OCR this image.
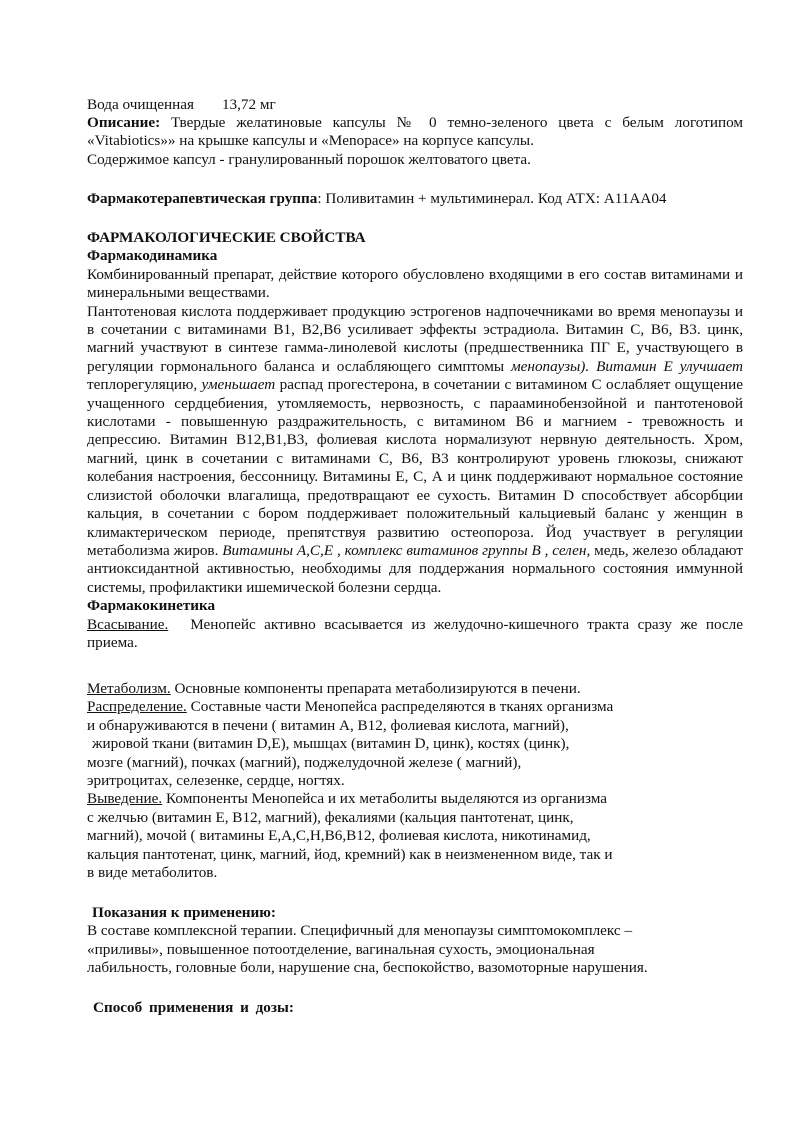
Вода очищенная 13,72 мг

Описание: Твердые желатиновые капсулы № 0 темно-зеленого цвета с белым логотипом «Vitabiotics»» на крышке капсулы и «Menopace» на корпусе капсулы.

Содержимое капсул - гранулированный порошок желтоватого цвета.

Фармакотерапевтическая группа: Поливитамин + мультиминерал. Код АТХ: A11AA04

ФАРМАКОЛОГИЧЕСКИЕ СВОЙСТВА

Фармакодинамика

Комбинированный препарат, действие которого обусловлено входящими в его состав витаминами и минеральными веществами.

Пантотеновая кислота поддерживает продукцию эстрогенов надпочечниками во время менопаузы и в сочетании с витаминами B1, B2,B6 усиливает эффекты эстрадиола. Витамин C, B6, B3. цинк, магний участвуют в синтезе гамма-линолевой кислоты (предшественника ПГ Е, участвующего в регуляции гормонального баланса и ослабляющего симптомы менопаузы). Витамин Е улучшает теплорегуляцию, уменьшает распад прогестерона, в сочетании с витамином С ослабляет ощущение учащенного сердцебиения, утомляемость, нервозность, с парааминобензойной и пантотеновой кислотами - повышенную раздражительность, с витамином B6 и магнием - тревожность и депрессию. Витамин B12,B1,B3, фолиевая кислота нормализуют нервную деятельность. Хром, магний, цинк в сочетании с витаминами C, B6, B3 контролируют уровень глюкозы, снижают колебания настроения, бессонницу. Витамины Е, С, А и цинк поддерживают нормальное состояние слизистой оболочки влагалища, предотвращают ее сухость. Витамин D способствует абсорбции кальция, в сочетании с бором поддерживает положительный кальциевый баланс у женщин в климактерическом периоде, препятствуя развитию остеопороза. Йод участвует в регуляции метаболизма жиров. Витамины А,С,Е , комплекс витаминов группы В , селен, медь, железо обладают антиоксидантной активностью, необходимы для поддержания нормального состояния иммунной системы, профилактики ишемической болезни сердца.

Фармакокинетика

Всасывание. Менопейс активно всасывается из желудочно-кишечного тракта сразу же после приема.

Метаболизм. Основные компоненты препарата метаболизируются в печени.

Распределение. Составные части Менопейса распределяются в тканях организма

и обнаруживаются в печени ( витамин А, B12, фолиевая кислота, магний),

жировой ткани (витамин D,E), мышцах (витамин D, цинк), костях (цинк),

мозге (магний), почках (магний), поджелудочной железе ( магний),

эритроцитах, селезенке, сердце, ногтях.

Выведение. Компоненты Менопейса и их метаболиты выделяются из организма

с желчью (витамин E, B12, магний), фекалиями (кальция пантотенат, цинк,

магний), мочой ( витамины E,A,C,H,B6,B12, фолиевая кислота, никотинамид,

кальция пантотенат, цинк, магний, йод, кремний) как в неизмененном виде, так и

в виде метаболитов.

Показания к применению:

В составе комплексной терапии. Специфичный для менопаузы симптомокомплекс –

«приливы», повышенное потоотделение, вагинальная сухость, эмоциональная

лабильность, головные боли, нарушение сна, беспокойство, вазомоторные нарушения.

Способ применения и дозы:
